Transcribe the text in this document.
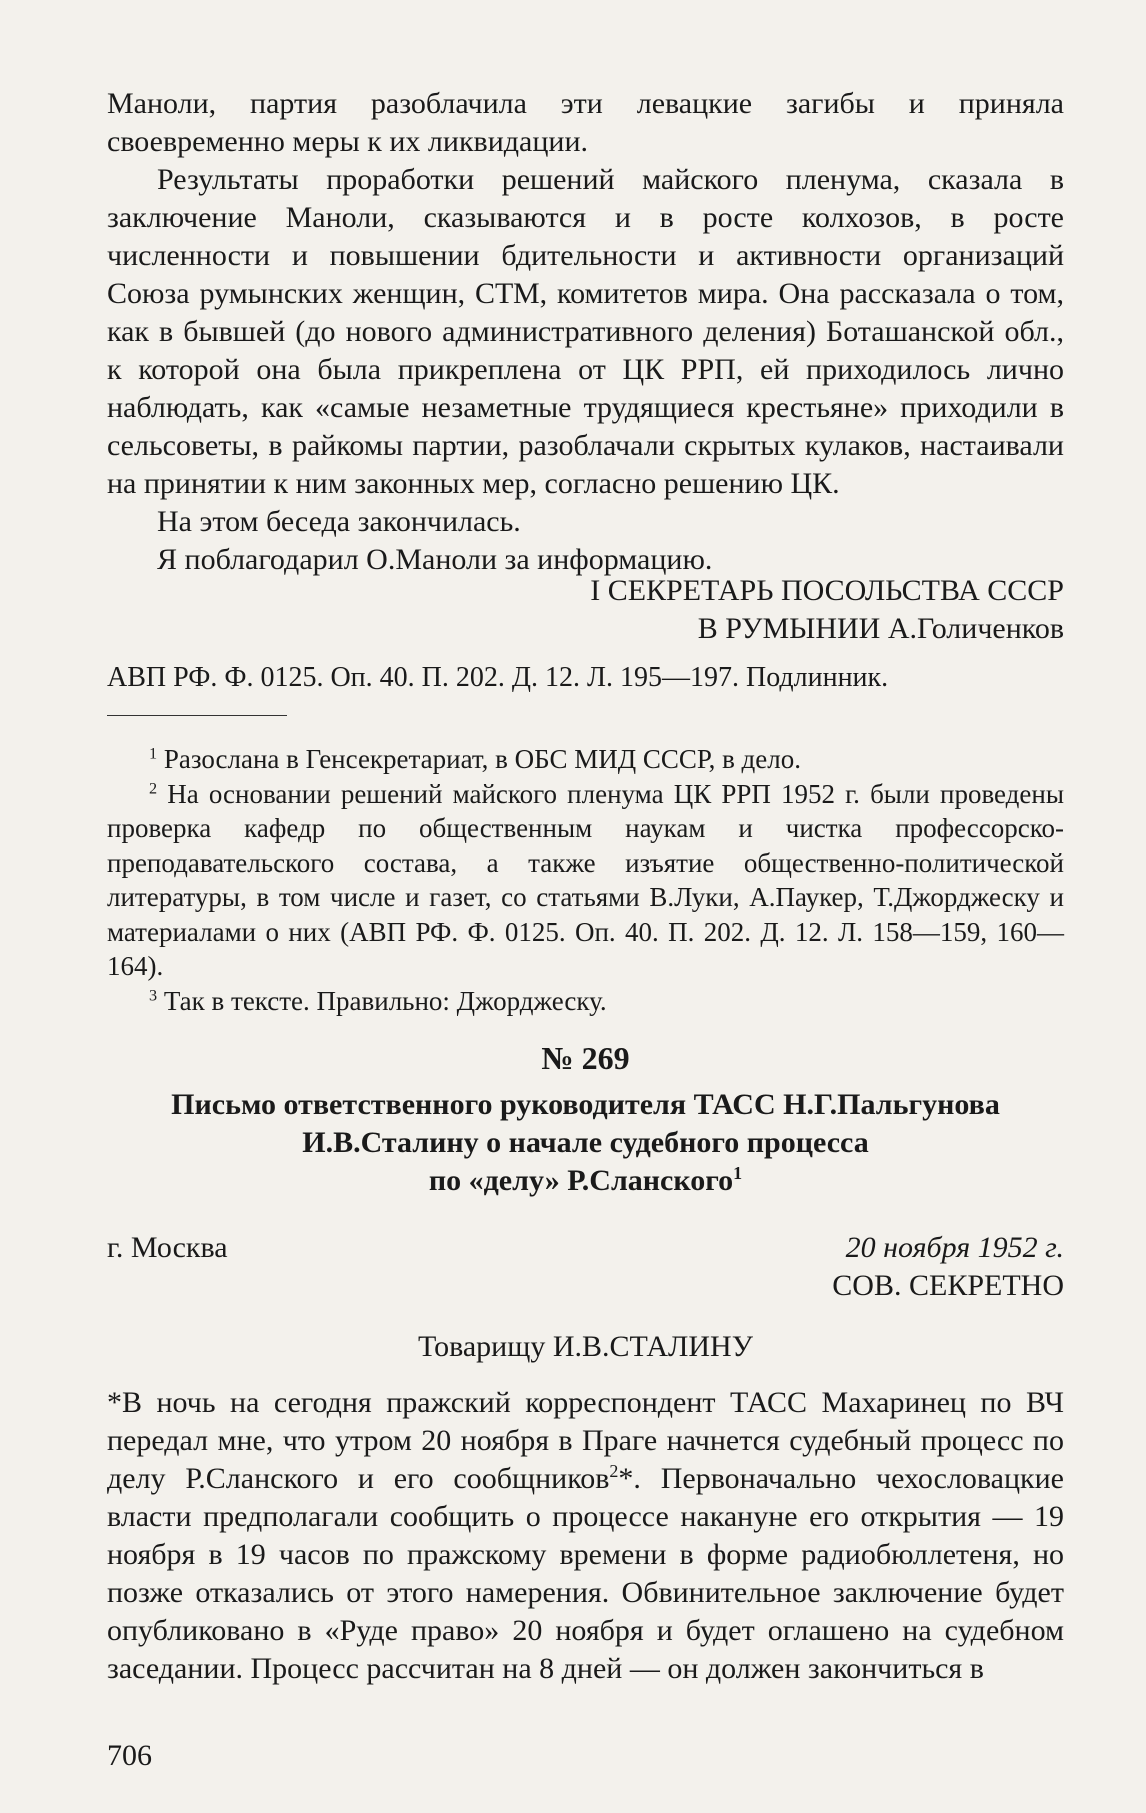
Маноли, партия разоблачила эти левацкие загибы и приняла своевременно меры к их ликвидации.

Результаты проработки решений майского пленума, сказала в заключение Маноли, сказываются и в росте колхозов, в росте численности и повышении бдительности и активности организаций Союза румынских женщин, СТМ, комитетов мира. Она рассказала о том, как в бывшей (до нового административного деления) Боташанской обл., к которой она была прикреплена от ЦК РРП, ей приходилось лично наблюдать, как «самые незаметные трудящиеся крестьяне» приходили в сельсоветы, в райкомы партии, разоблачали скрытых кулаков, настаивали на принятии к ним законных мер, согласно решению ЦК.

На этом беседа закончилась.

Я поблагодарил О.Маноли за информацию.

I СЕКРЕТАРЬ ПОСОЛЬСТВА СССР

В РУМЫНИИ А.Голиченков

АВП РФ. Ф. 0125. Оп. 40. П. 202. Д. 12. Л. 195—197. Подлинник.

$^1$ Разослана в Генсекретариат, в ОБС МИД СССР, в дело.

$^2$ На основании решений майского пленума ЦК РРП 1952 г. были проведены проверка кафедр по общественным наукам и чистка профессорско-преподавательского состава, а также изъятие общественно-политической литературы, в том числе и газет, со статьями В.Луки, А.Паукер, Т.Джорджеску и материалами о них (АВП РФ. Ф. 0125. Оп. 40. П. 202. Д. 12. Л. 158—159, 160—164).

$^3$ Так в тексте. Правильно: Джорджеску.

№ 269

Письмо ответственного руководителя ТАСС Н.Г.Пальгунова

И.В.Сталину о начале судебного процесса

по «делу» Р.Сланского$^1$

г. Москва	20 ноября 1952 г.

СОВ. СЕКРЕТНО

Товарищу И.В.СТАЛИНУ

*В ночь на сегодня пражский корреспондент ТАСС Махаринец по ВЧ передал мне, что утром 20 ноября в Праге начнется судебный процесс по делу Р.Сланского и его сообщников$^2$*. Первоначально чехословацкие власти предполагали сообщить о процессе накануне его открытия — 19 ноября в 19 часов по пражскому времени в форме радиобюллетеня, но позже отказались от этого намерения. Обвинительное заключение будет опубликовано в «Руде право» 20 ноября и будет оглашено на судебном заседании. Процесс рассчитан на 8 дней — он должен закончиться в

706
